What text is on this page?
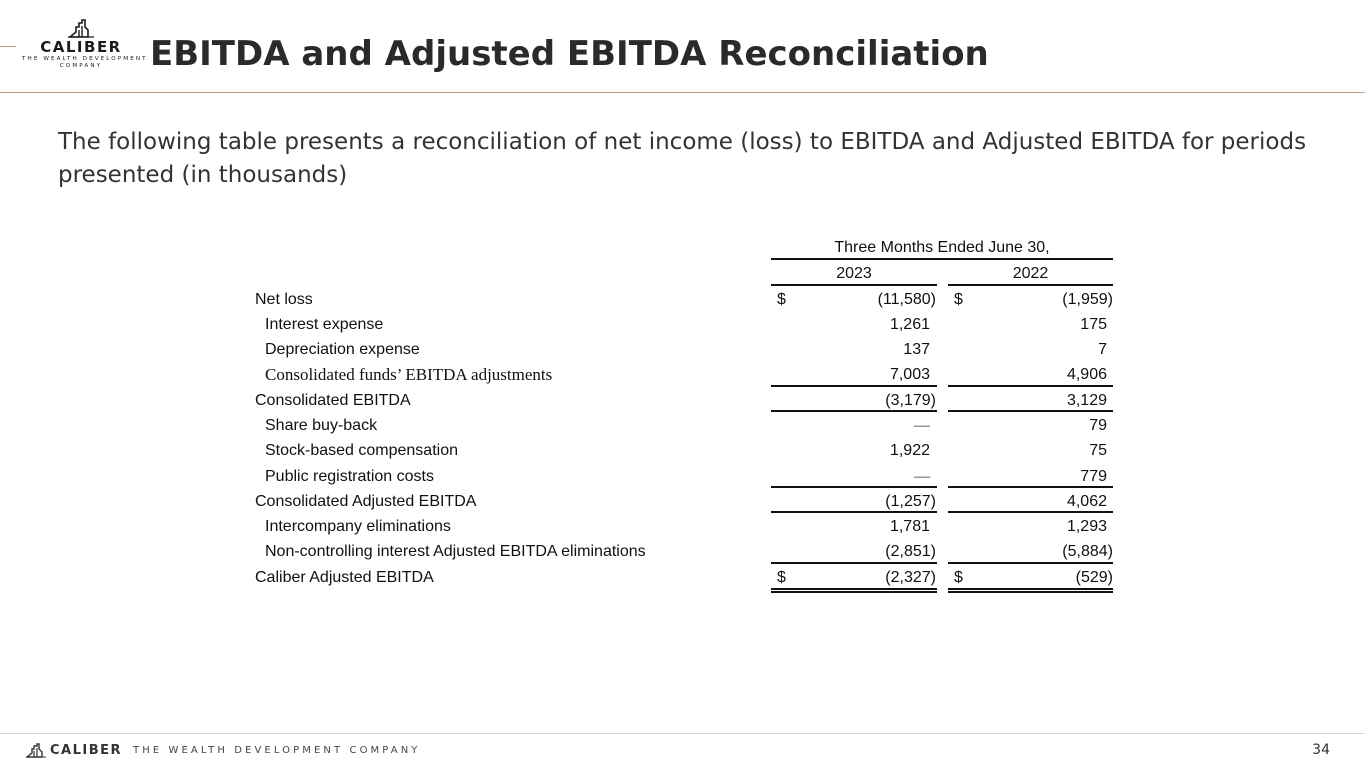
CALIBER
THE WEALTH DEVELOPMENT
COMPANY	EBITDA and Adjusted EBITDA Reconciliation
The following table presents a reconciliation of net income (loss) to EBITDA and Adjusted EBITDA for periods presented (in thousands)
Three Months Ended June 30,
2023	2022
Net loss	$	(11,580) $	(1,959)
Interest expense	1,261	175
Depreciation expense	137	7
Consolidated funds’ EBITDA adjustments	7,003	4,906
Consolidated EBITDA	(3,179)	3,129
Share buy-back	—	79
Stock-based compensation	1,922	75
Public registration costs	—	779
Consolidated Adjusted EBITDA	(1,257)	4,062
Intercompany eliminations	1,781	1,293
Non-controlling interest Adjusted EBITDA eliminations	(2,851)	(5,884)
Caliber Adjusted EBITDA	$	(2,327) $	(529)
CALIBER THE WEALTH DEVELOPMENT COMPANY	34
